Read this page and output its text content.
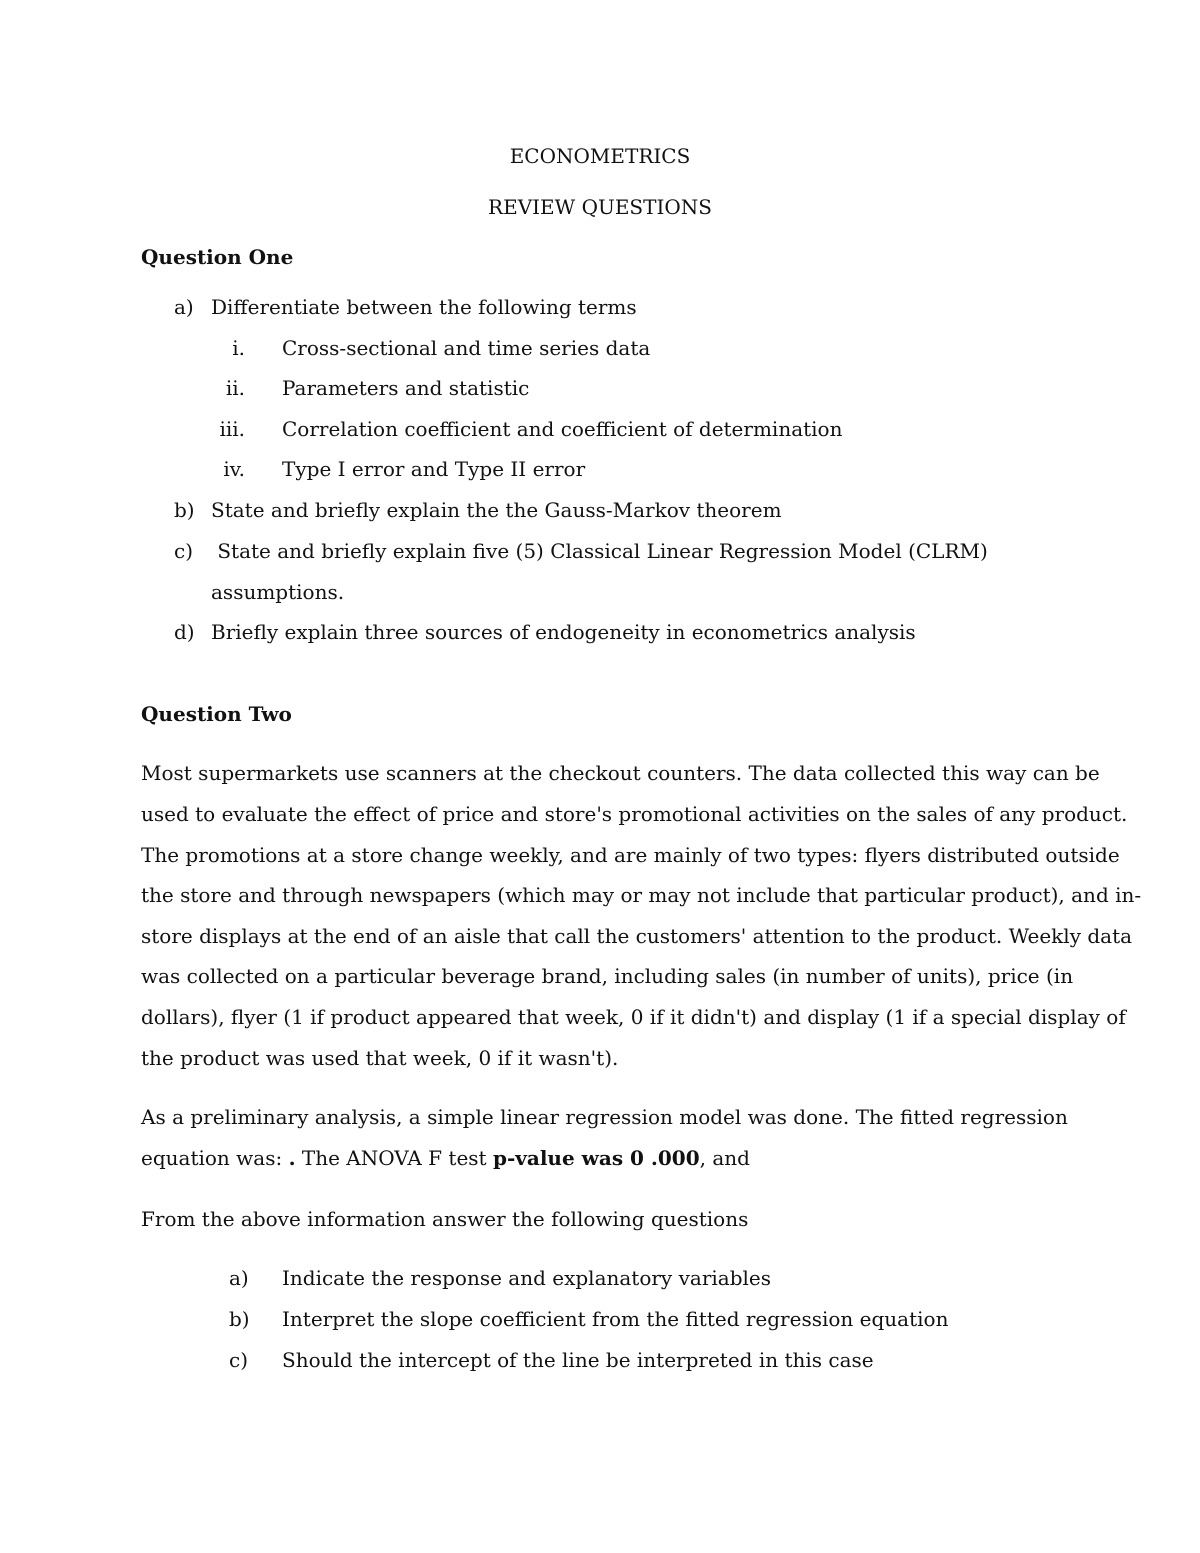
ECONOMETRICS
REVIEW QUESTIONS
Question One
a) Differentiate between the following terms
i. Cross-sectional and time series data
ii. Parameters and statistic
iii. Correlation coefficient and coefficient of determination
iv. Type I error and Type II error
b) State and briefly explain the the Gauss-Markov theorem
c) State and briefly explain five (5) Classical Linear Regression Model (CLRM)
assumptions.
d) Briefly explain three sources of endogeneity in econometrics analysis
Question Two
Most supermarkets use scanners at the checkout counters. The data collected this way can be
used to evaluate the effect of price and store's promotional activities on the sales of any product.
The promotions at a store change weekly, and are mainly of two types: flyers distributed outside
the store and through newspapers (which may or may not include that particular product), and in-
store displays at the end of an aisle that call the customers' attention to the product. Weekly data
was collected on a particular beverage brand, including sales (in number of units), price (in
dollars), flyer (1 if product appeared that week, 0 if it didn't) and display (1 if a special display of
the product was used that week, 0 if it wasn't).
As a preliminary analysis, a simple linear regression model was done. The fitted regression
equation was: . The ANOVA F test p-value was 0 .000, and
From the above information answer the following questions
a) Indicate the response and explanatory variables
b) Interpret the slope coefficient from the fitted regression equation
c) Should the intercept of the line be interpreted in this case
